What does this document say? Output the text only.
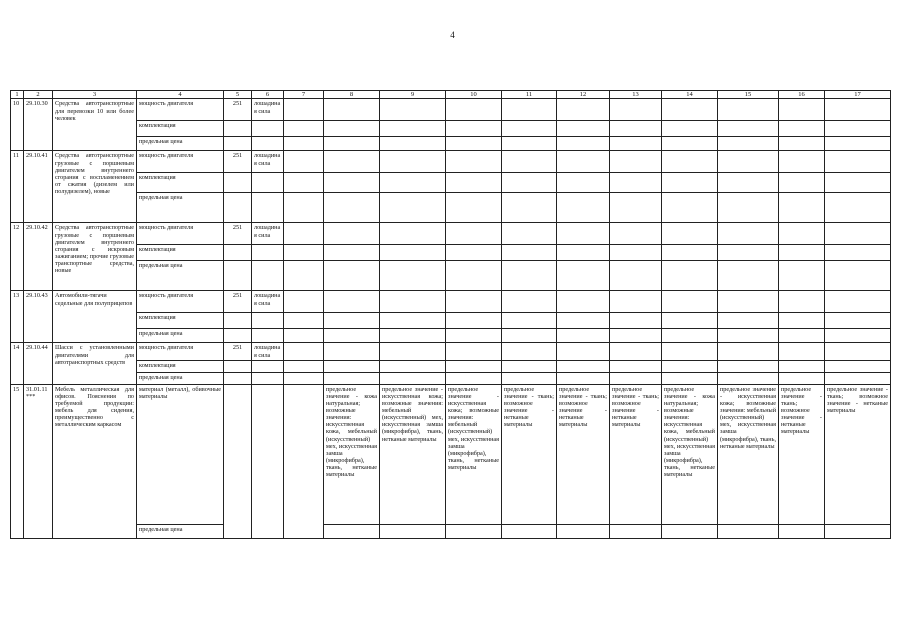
4
1	2	3	4	5	6	7	8	9	10	11	12	13	14	15	16	17
10	29.10.30	Средства автотранспортные для перевозки 10 или более человек	мощность двигателя	251	лошадиная сила											
			комплектация													
			предельная цена													
11	29.10.41	Средства автотранспортные грузовые с поршневым двигателем внутреннего сгорания с воспламенением от сжатия (дизелем или полудизелем), новые	мощность двигателя	251	лошадиная сила											
			комплектация													
			предельная цена													
12	29.10.42	Средства автотранспортные грузовые с поршневым двигателем внутреннего сгорания с искровым зажиганием; прочие грузовые транспортные средства, новые	мощность двигателя	251	лошадиная сила											
			комплектация													
			предельная цена													
13	29.10.43	Автомобили-тягачи седельные для полуприцепов	мощность двигателя	251	лошадиная сила											
			комплектация													
			предельная цена													
14	29.10.44	Шасси с установленными двигателями для автотранспортных средств	мощность двигателя	251	лошадиная сила											
			комплектация													
			предельная цена													
15	31.01.11***	Мебель металлическая для офисов. Пояснения по требуемой продукции: мебель для сидения, преимущественно с металлическим каркасом	материал (металл), обивочные материалы				предельное значение - кожа натуральная; возможные значения: искусственная кожа, мебельный (искусственный) мех, искусственная замша (микрофибра), ткань, нетканые материалы	предельное значение - искусственная кожа; возможные значения: мебельный (искусственный) мех, искусственная замша (микрофибра), ткань, нетканые материалы	предельное значение - искусственная кожа; возможные значения: мебельный (искусственный) мех, искусственная замша (микрофибра), ткань, нетканые материалы	предельное значение - ткань; возможное значение - нетканые материалы	предельное значение - ткань; возможное значение - нетканые материалы	предельное значение - ткань; возможное значение - нетканые материалы	предельное значение - кожа натуральная; возможные значения: искусственная кожа, мебельный (искусственный) мех, искусственная замша (микрофибра), ткань, нетканые материалы	предельное значение - искусственная кожа; возможные значения: мебельный (искусственный) мех, искусственная замша (микрофибра), ткань, нетканые материалы	предельное значение - ткань; возможное значение - нетканые материалы	предельное значение - ткань; возможное значение - нетканые материалы
			предельная цена													
